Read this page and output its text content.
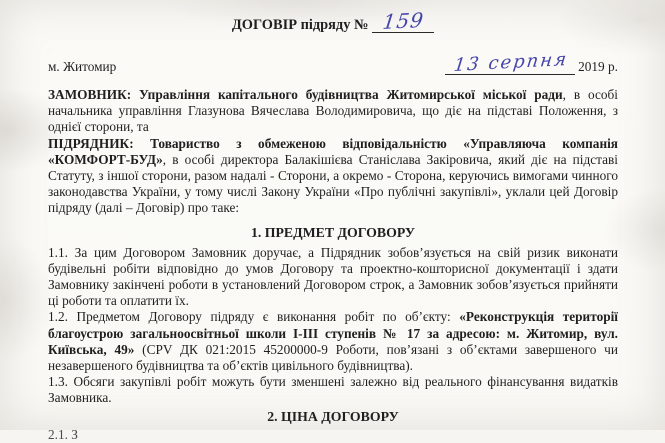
ДОГОВІР підряду № 159
м. Житомир	13 серпня 2019 р.

ЗАМОВНИК: Управління капітального будівництва Житомирської міської ради, в особі начальника управління Глазунова Вячеслава Володимировича, що діє на підставі Положення, з однієї сторони, та

ПІДРЯДНИК: Товариство з обмеженою відповідальністю «Управляюча компанія «КОМФОРТ-БУД», в особі директора Балакішієва Станіслава Закіровича, який діє на підставі Статуту, з іншої сторони, разом надалі - Сторони, а окремо - Сторона, керуючись вимогами чинного законодавства України, у тому числі Закону України «Про публічні закупівлі», уклали цей Договір підряду (далі – Договір) про таке:

1. ПРЕДМЕТ ДОГОВОРУ

1.1. За цим Договором Замовник доручає, а Підрядник зобов’язується на свій ризик виконати будівельні робіти відповідно до умов Договору та проектно-кошторисної документації і здати Замовнику закінчені роботи в установлений Договором строк, а Замовник зобов’язується прийняти ці роботи та оплатити їх.

1.2. Предметом Договору підряду є виконання робіт по об’єкту: «Реконструкція території благоустрою загальноосвітньої школи І-ІІІ ступенів № 17 за адресою: м. Житомир, вул. Київська, 49» (CPV ДК 021:2015 45200000-9 Роботи, пов’язані з об’єктами завершеного чи незавершеного будівництва та об’єктів цивільного будівництва).

1.3. Обсяги закупівлі робіт можуть бути зменшені залежно від реального фінансування видатків Замовника.

2. ЦІНА ДОГОВОРУ

2.1. З
